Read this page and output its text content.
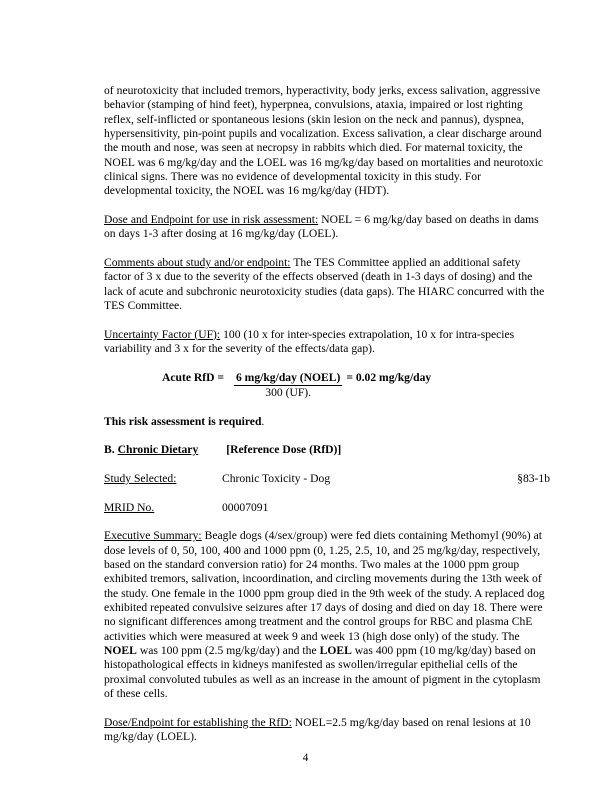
of neurotoxicity that included tremors, hyperactivity, body jerks, excess salivation, aggressive behavior (stamping of hind feet), hyperpnea, convulsions, ataxia, impaired or lost righting reflex, self-inflicted or spontaneous lesions (skin lesion on the neck and pannus), dyspnea, hypersensitivity, pin-point pupils and vocalization. Excess salivation, a clear discharge around the mouth and nose, was seen at necropsy in rabbits which died. For maternal toxicity, the NOEL was 6 mg/kg/day and the LOEL was 16 mg/kg/day based on mortalities and neurotoxic clinical signs. There was no evidence of developmental toxicity in this study. For developmental toxicity, the NOEL was 16 mg/kg/day (HDT).

Dose and Endpoint for use in risk assessment: NOEL = 6 mg/kg/day based on deaths in dams on days 1-3 after dosing at 16 mg/kg/day (LOEL).

Comments about study and/or endpoint: The TES Committee applied an additional safety factor of 3 x due to the severity of the effects observed (death in 1-3 days of dosing) and the lack of acute and subchronic neurotoxicity studies (data gaps). The HIARC concurred with the TES Committee.

Uncertainty Factor (UF): 100 (10 x for inter-species extrapolation, 10 x for intra-species variability and 3 x for the severity of the effects/data gap).

Acute RfD = $\frac{\text{6 mg/kg/day (NOEL)}}{300 (UF).} = 0.02$ mg/kg/day

This risk assessment is required.

B. Chronic Dietary	[Reference Dose (RfD)]
Study Selected:	Chronic Toxicity - Dog	§83-1b
MRID No.	00007091

Executive Summary: Beagle dogs (4/sex/group) were fed diets containing Methomyl (90%) at dose levels of 0, 50, 100, 400 and 1000 ppm (0, 1.25, 2.5, 10, and 25 mg/kg/day, respectively, based on the standard conversion ratio) for 24 months. Two males at the 1000 ppm group exhibited tremors, salivation, incoordination, and circling movements during the 13th week of the study. One female in the 1000 ppm group died in the 9th week of the study. A replaced dog exhibited repeated convulsive seizures after 17 days of dosing and died on day 18. There were no significant differences among treatment and the control groups for RBC and plasma ChE activities which were measured at week 9 and week 13 (high dose only) of the study. The NOEL was 100 ppm (2.5 mg/kg/day) and the LOEL was 400 ppm (10 mg/kg/day) based on histopathological effects in kidneys manifested as swollen/irregular epithelial cells of the proximal convoluted tubules as well as an increase in the amount of pigment in the cytoplasm of these cells.

Dose/Endpoint for establishing the RfD: NOEL=2.5 mg/kg/day based on renal lesions at 10 mg/kg/day (LOEL).

4
